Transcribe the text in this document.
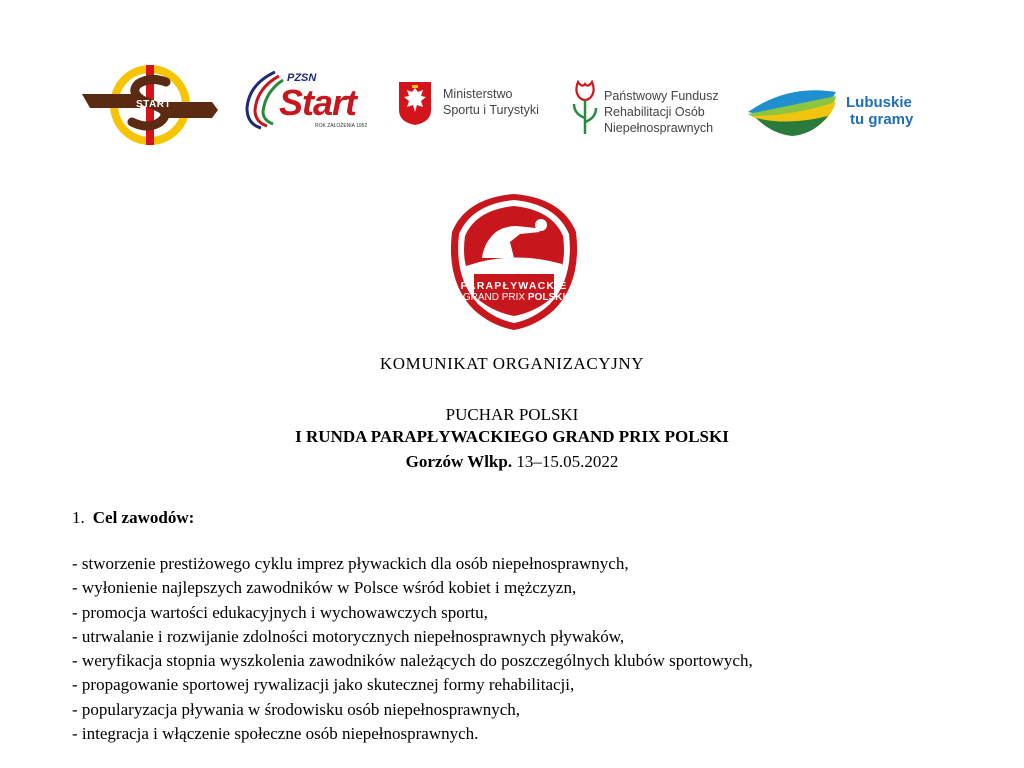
START
PZSN
Start
ROK ZAŁOŻENIA 1952
Ministerstwo
Sportu i Turystyki
Państwowy Fundusz
Rehabilitacji Osób
Niepełnosprawnych
Lubuskie
tu gramy
PARAPŁYWACKIE
GRAND PRIX POLSKI
KOMUNIKAT ORGANIZACYJNY
PUCHAR POLSKI
I RUNDA PARAPŁYWACKIEGO GRAND PRIX POLSKI
Gorzów Wlkp. 13–15.05.2022
1. Cel zawodów:
- stworzenie prestiżowego cyklu imprez pływackich dla osób niepełnosprawnych,
- wyłonienie najlepszych zawodników w Polsce wśród kobiet i mężczyzn,
- promocja wartości edukacyjnych i wychowawczych sportu,
- utrwalanie i rozwijanie zdolności motorycznych niepełnosprawnych pływaków,
- weryfikacja stopnia wyszkolenia zawodników należących do poszczególnych klubów sportowych,
- propagowanie sportowej rywalizacji jako skutecznej formy rehabilitacji,
- popularyzacja pływania w środowisku osób niepełnosprawnych,
- integracja i włączenie społeczne osób niepełnosprawnych.
